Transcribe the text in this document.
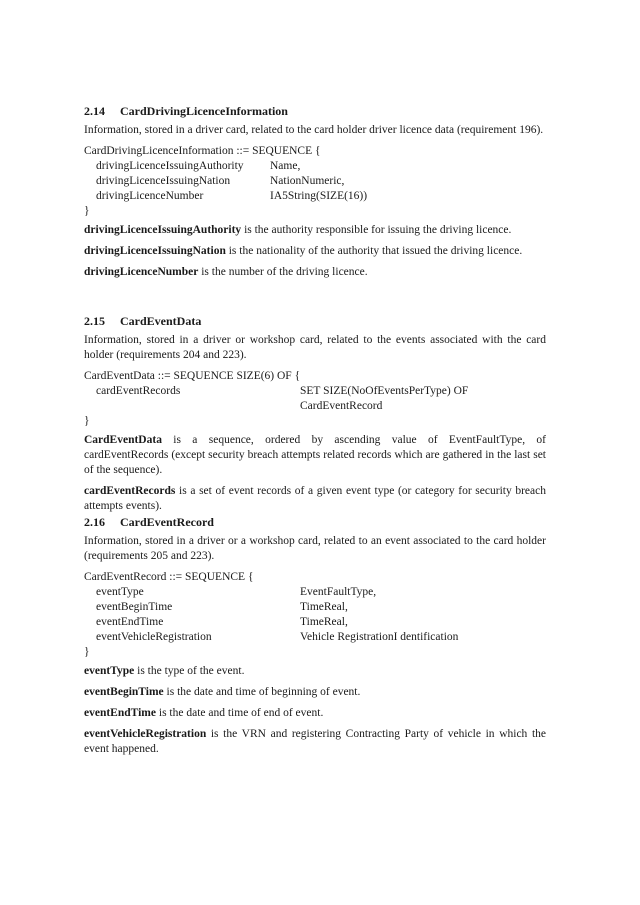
2.14 CardDrivingLicenceInformation
Information, stored in a driver card, related to the card holder driver licence data (requirement 196).
CardDrivingLicenceInformation ::= SEQUENCE {
drivingLicenceIssuingAuthority Name,
drivingLicenceIssuingNation	NationNumeric,
drivingLicenceNumber	IA5String(SIZE(16))
}
drivingLicenceIssuingAuthority is the authority responsible for issuing the driving licence.
drivingLicenceIssuingNation is the nationality of the authority that issued the driving licence.
drivingLicenceNumber is the number of the driving licence.
2.15 CardEventData
Information, stored in a driver or workshop card, related to the events associated with the card holder (requirements 204 and 223).
CardEventData ::= SEQUENCE SIZE(6) OF {
cardEventRecords	SET SIZE(NoOfEventsPerType) OF
CardEventRecord
}
CardEventData is a sequence, ordered by ascending value of EventFaultType, of cardEventRecords (except security breach attempts related records which are gathered in the last set of the sequence).
cardEventRecords is a set of event records of a given event type (or category for security breach attempts events).
2.16 CardEventRecord
Information, stored in a driver or a workshop card, related to an event associated to the card holder (requirements 205 and 223).
CardEventRecord ::= SEQUENCE {
eventType	EventFaultType,
eventBeginTime	TimeReal,
eventEndTime	TimeReal,
eventVehicleRegistration	Vehicle RegistrationI dentification
}
eventType is the type of the event.
eventBeginTime is the date and time of beginning of event.
eventEndTime is the date and time of end of event.
eventVehicleRegistration is the VRN and registering Contracting Party of vehicle in which the event happened.
